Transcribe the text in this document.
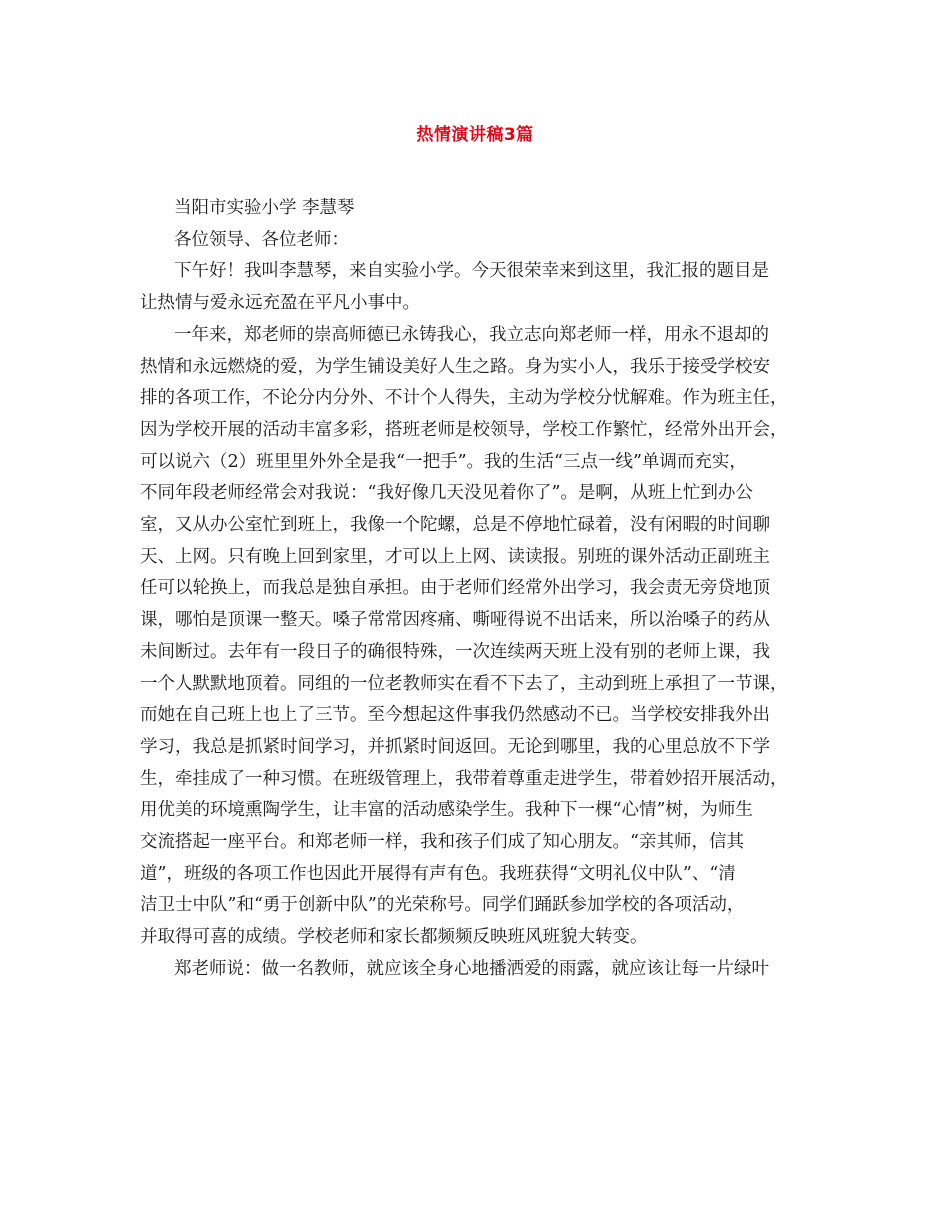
热情演讲稿3篇
当阳市实验小学 李慧琴
各位领导、各位老师：
下午好！我叫李慧琴，来自实验小学。今天很荣幸来到这里，我汇报的题目是
让热情与爱永远充盈在平凡小事中。
一年来，郑老师的崇高师德已永铸我心，我立志向郑老师一样，用永不退却的
热情和永远燃烧的爱，为学生铺设美好人生之路。身为实小人，我乐于接受学校安
排的各项工作，不论分内分外、不计个人得失，主动为学校分忧解难。作为班主任，
因为学校开展的活动丰富多彩，搭班老师是校领导，学校工作繁忙，经常外出开会，
可以说六（2）班里里外外全是我“一把手”。我的生活“三点一线”单调而充实，
不同年段老师经常会对我说：“我好像几天没见着你了”。是啊，从班上忙到办公
室，又从办公室忙到班上，我像一个陀螺，总是不停地忙碌着，没有闲暇的时间聊
天、上网。只有晚上回到家里，才可以上上网、读读报。别班的课外活动正副班主
任可以轮换上，而我总是独自承担。由于老师们经常外出学习，我会责无旁贷地顶
课，哪怕是顶课一整天。嗓子常常因疼痛、嘶哑得说不出话来，所以治嗓子的药从
未间断过。去年有一段日子的确很特殊，一次连续两天班上没有别的老师上课，我
一个人默默地顶着。同组的一位老教师实在看不下去了，主动到班上承担了一节课，
而她在自己班上也上了三节。至今想起这件事我仍然感动不已。当学校安排我外出
学习，我总是抓紧时间学习，并抓紧时间返回。无论到哪里，我的心里总放不下学
生，牵挂成了一种习惯。在班级管理上，我带着尊重走进学生，带着妙招开展活动，
用优美的环境熏陶学生，让丰富的活动感染学生。我种下一棵“心情”树，为师生
交流搭起一座平台。和郑老师一样，我和孩子们成了知心朋友。“亲其师，信其
道”，班级的各项工作也因此开展得有声有色。我班获得“文明礼仪中队”、“清
洁卫士中队”和“勇于创新中队”的光荣称号。同学们踊跃参加学校的各项活动，
并取得可喜的成绩。学校老师和家长都频频反映班风班貌大转变。
郑老师说：做一名教师，就应该全身心地播洒爱的雨露，就应该让每一片绿叶
